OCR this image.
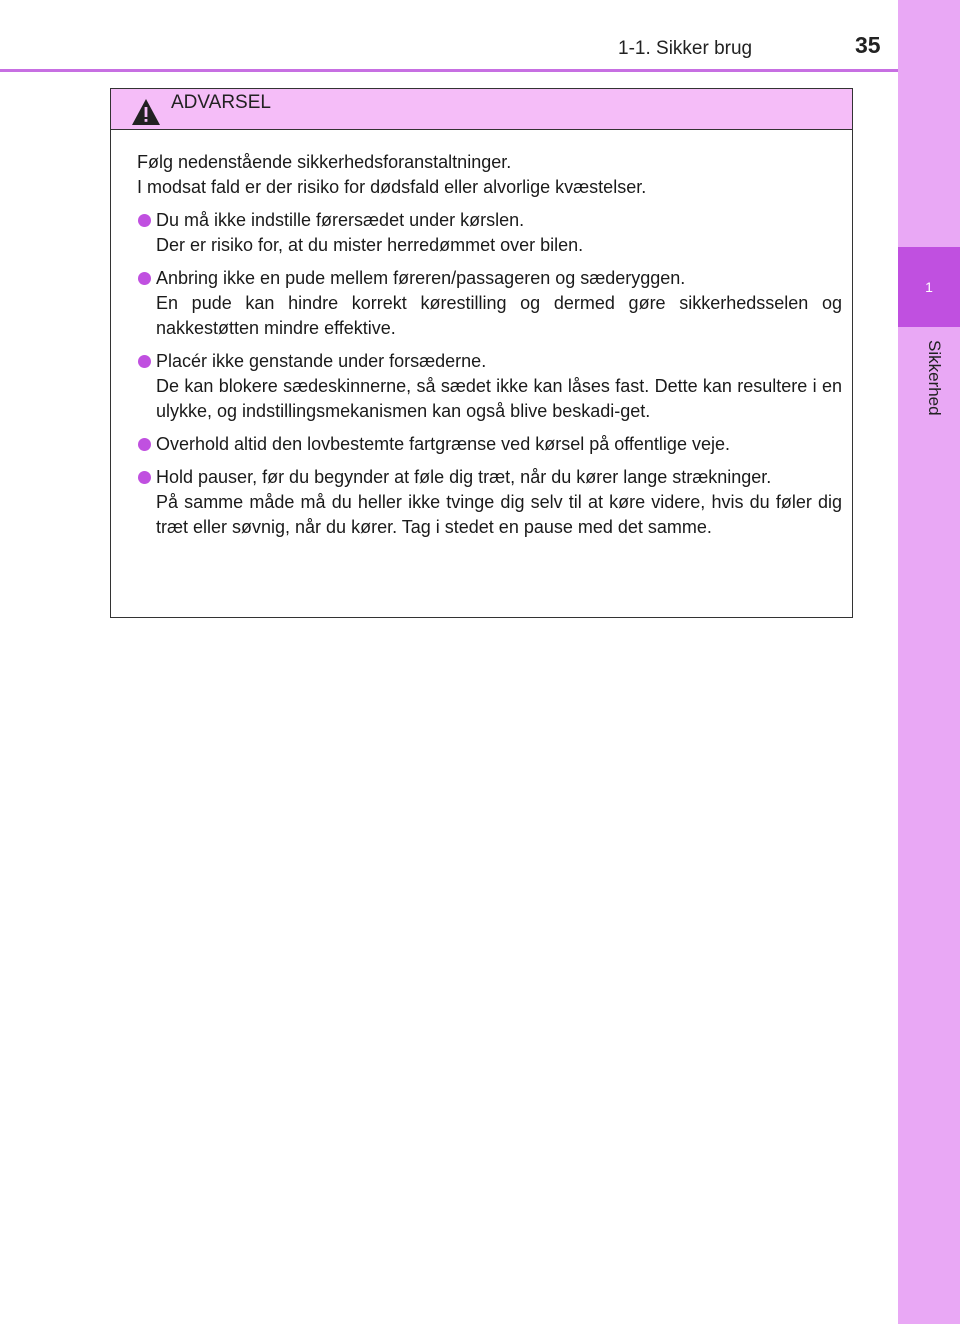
1
Sikkerhed
1-1. Sikker brug	35
ADVARSEL
Følg nedenstående sikkerhedsforanstaltninger.
I modsat fald er der risiko for dødsfald eller alvorlige kvæstelser.
Du må ikke indstille førersædet under kørslen.
Der er risiko for, at du mister herredømmet over bilen.
Anbring ikke en pude mellem føreren/passageren og sæderyggen.
En pude kan hindre korrekt kørestilling og dermed gøre sikkerhedsselen og nakkestøtten mindre effektive.
Placér ikke genstande under forsæderne.
De kan blokere sædeskinnerne, så sædet ikke kan låses fast. Dette kan resultere i en ulykke, og indstillingsmekanismen kan også blive beskadi-get.
Overhold altid den lovbestemte fartgrænse ved kørsel på offentlige veje.
Hold pauser, før du begynder at føle dig træt, når du kører lange strækninger.
På samme måde må du heller ikke tvinge dig selv til at køre videre, hvis du føler dig træt eller søvnig, når du kører. Tag i stedet en pause med det samme.
